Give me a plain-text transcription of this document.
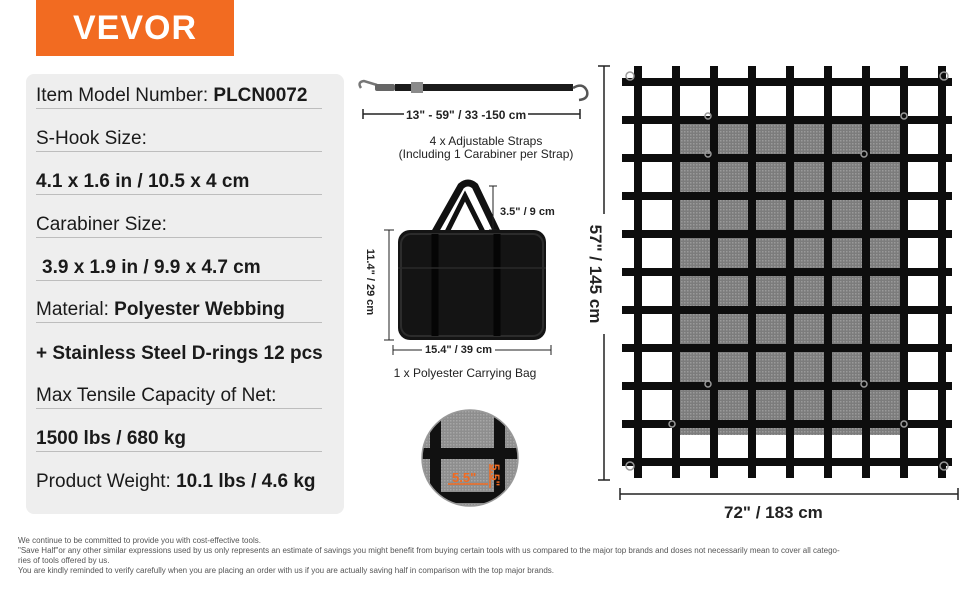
VEVOR
Item Model Number: PLCN0072
S-Hook Size:
4.1 x 1.6 in / 10.5 x 4 cm
Carabiner Size:
3.9 x 1.9 in / 9.9 x 4.7 cm
Material: Polyester Webbing
+ Stainless Steel D-rings 12 pcs
Max Tensile Capacity of Net:
1500 lbs / 680 kg
Product Weight: 10.1 lbs / 4.6 kg
13" - 59" / 33 -150 cm
4 x Adjustable Straps
(Including 1 Carabiner per Strap)
3.5" / 9 cm
11.4" / 29 cm
15.4" / 39 cm
1 x Polyester Carrying Bag
5.5" 5.5"
57" / 145 cm
72" / 183 cm
We continue to be committed to provide you with cost-effective tools.
"Save Half"or any other similar expressions used by us only represents an estimate of savings you might benefit from buying certain tools with us compared to the major top brands and doses not necessarily mean to cover all catego-
ries of tools offered by us.
You are kindly reminded to verify carefully when you are placing an order with us if you are actually saving half in comparison with the top major brands.
